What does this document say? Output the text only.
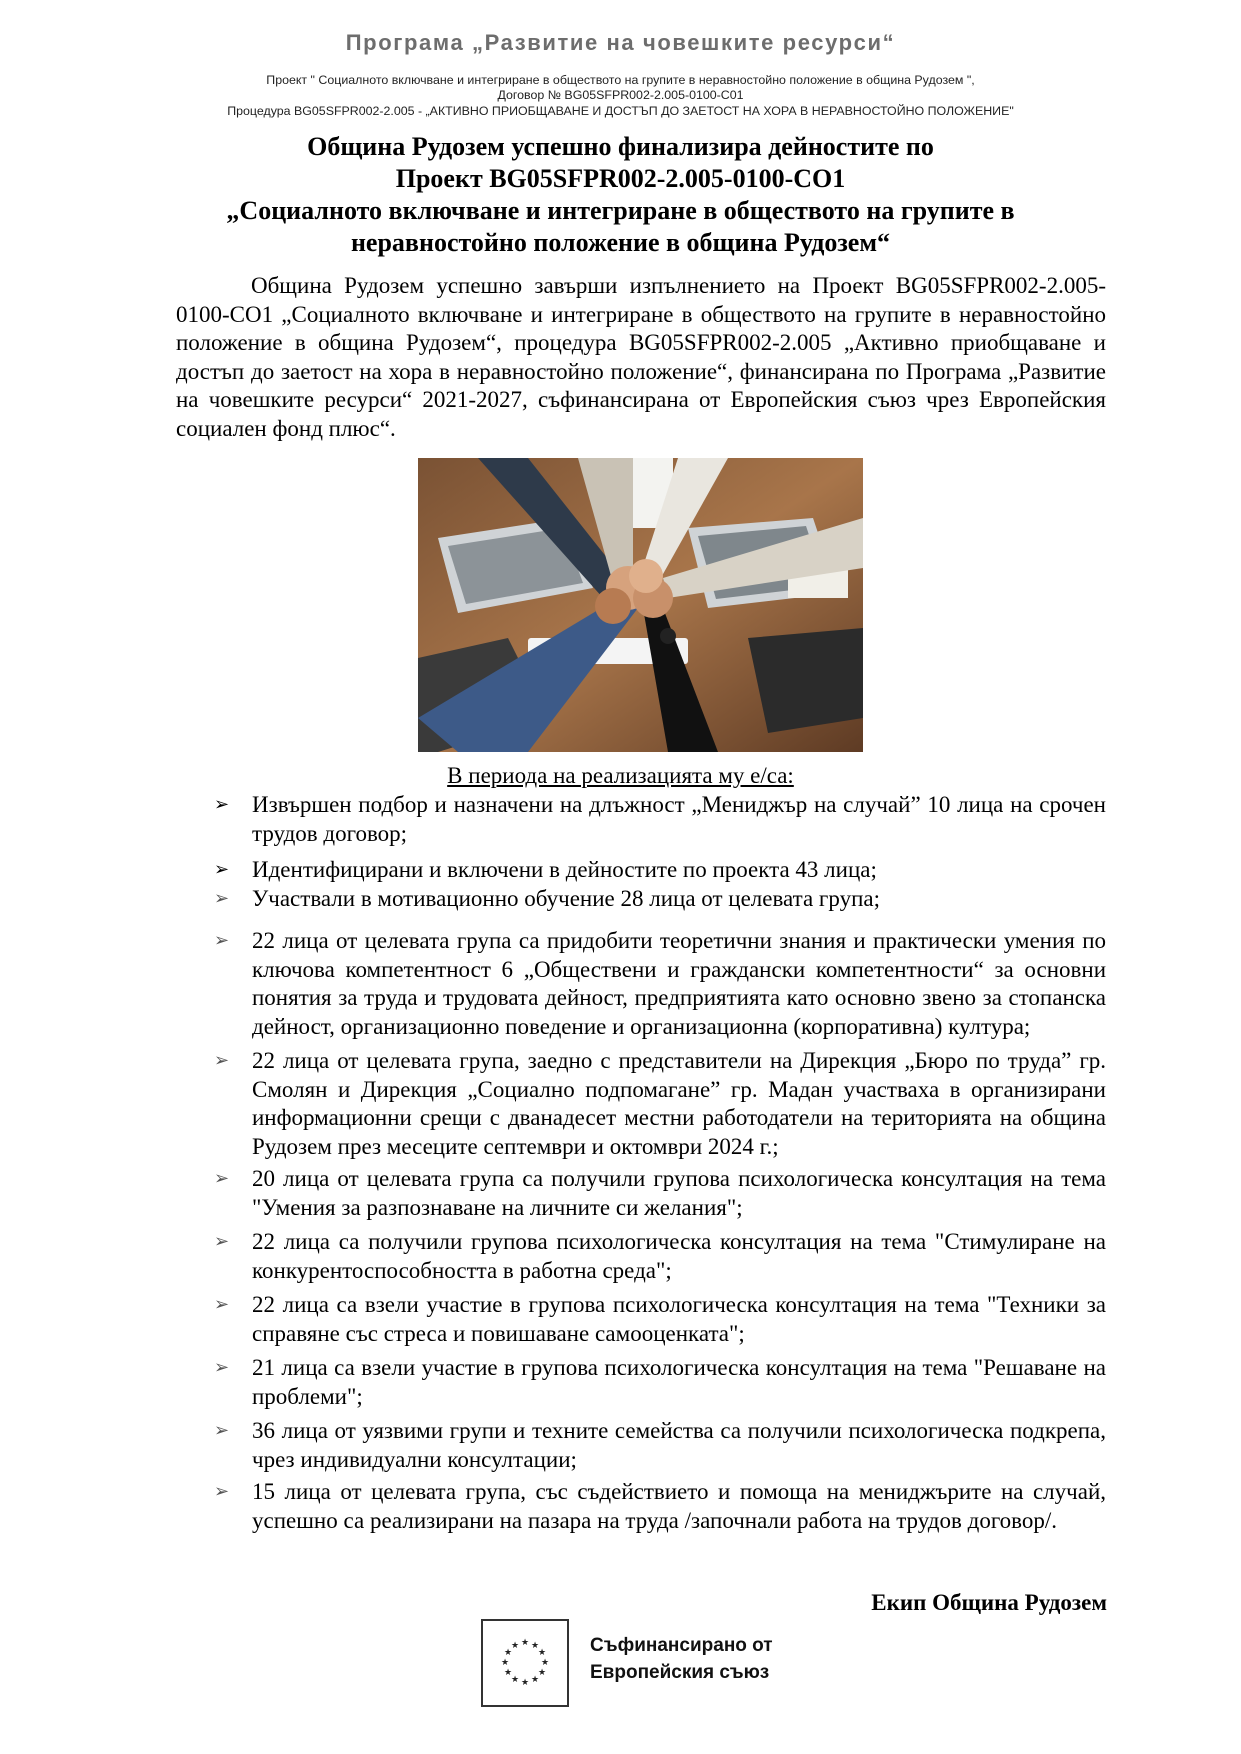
Програма „Развитие на човешките ресурси“
Проект " Социалното включване и интегриране в обществото на групите в неравностойно положение в община Рудозем ",
Договор № BG05SFPR002-2.005-0100-C01
Процедура BG05SFPR002-2.005 - „АКТИВНО ПРИОБЩАВАНЕ И ДОСТЪП ДО ЗАЕТОСТ НА ХОРА В НЕРАВНОСТОЙНО ПОЛОЖЕНИЕ"
Община Рудозем успешно финализира дейностите по
Проект BG05SFPR002-2.005-0100-CO1
„Социалното включване и интегриране в обществото на групите в
неравностойно положение в община Рудозем“
Община Рудозем успешно завърши изпълнението на Проект BG05SFPR002-2.005-0100-CO1 „Социалното включване и интегриране в обществото на групите в неравностойно положение в община Рудозем“, процедура BG05SFPR002-2.005 „Активно приобщаване и достъп до заетост на хора в неравностойно положение“, финансирана по Програма „Развитие на човешките ресурси“ 2021-2027, съфинансирана от Европейския съюз чрез Европейския социален фонд плюс“.
В периода на реализацията му е/са:
➢ Извършен подбор и назначени на длъжност „Мениджър на случай” 10 лица на срочен трудов договор;
➢ Идентифицирани и включени в дейностите по проекта 43 лица;
➢ Участвали в мотивационно обучение 28 лица от целевата група;
➢ 22 лица от целевата група са придобити теоретични знания и практически умения по ключова компетентност 6 „Обществени и граждански компетентности“ за основни понятия за труда и трудовата дейност, предприятията като основно звено за стопанска дейност, организационно поведение и организационна (корпоративна) култура;
➢ 22 лица от целевата група, заедно с представители на Дирекция „Бюро по труда” гр. Смолян и Дирекция „Социално подпомагане” гр. Мадан участваха в организирани информационни срещи с дванадесет местни работодатели на територията на община Рудозем през месеците септември и октомври 2024 г.;
➢ 20 лица от целевата група са получили групова психологическа консултация на тема "Умения за разпознаване на личните си желания";
➢ 22 лица са получили групова психологическа консултация на тема "Стимулиране на конкурентоспособността в работна среда";
➢ 22 лица са взели участие в групова психологическа консултация на тема "Техники за справяне със стреса и повишаване самооценката";
➢ 21 лица са взели участие в групова психологическа консултация на тема "Решаване на проблеми";
➢ 36 лица от уязвими групи и техните семейства са получили психологическа подкрепа, чрез индивидуални консултации;
➢ 15 лица от целевата група, със съдействието и помоща на мениджърите на случай, успешно са реализирани на пазара на труда /започнали работа на трудов договор/.
Екип Община Рудозем
★ ★
★
★
★
★
★
★
★
★
★
★	Съфинансирано от
Европейския съюз
